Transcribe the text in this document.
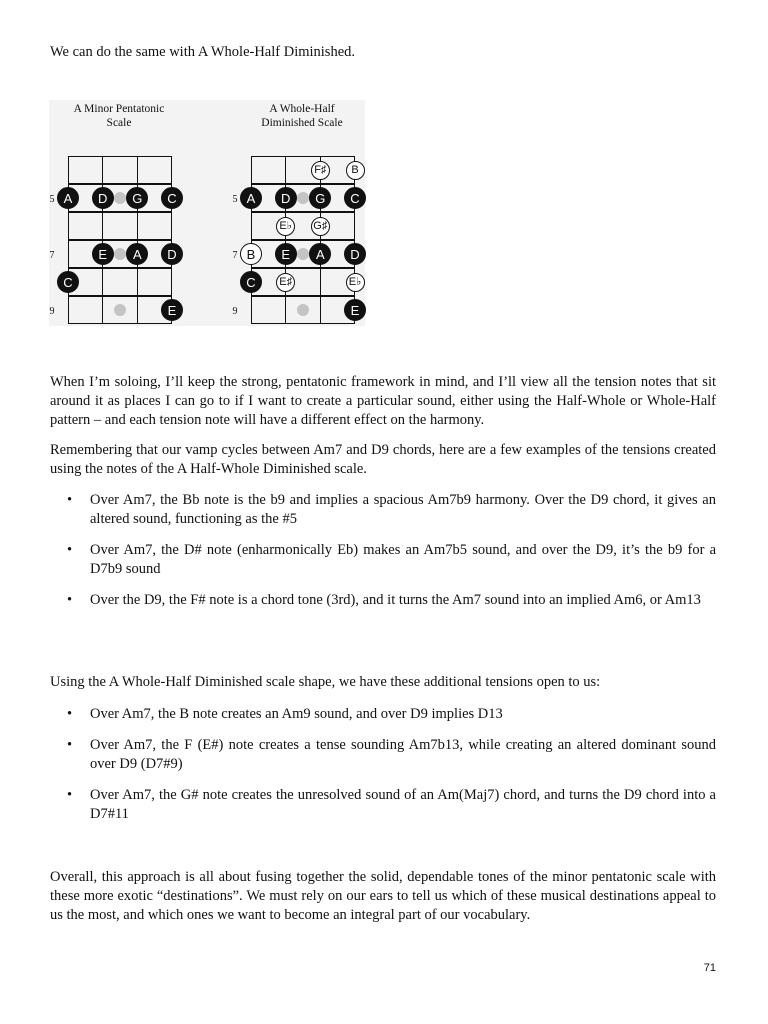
We can do the same with A Whole-Half Diminished.

A Minor Pentatonic
Scale
5
7
9
A	D	G	C
E	A	D
C
E
A Whole-Half
Diminished Scale
5
7
9
F♯	B
A	D	G	C
E♭ G♯
B	E	A	D
C	E♯	E♭
E

When I’m soloing, I’ll keep the strong, pentatonic framework in mind, and I’ll view all the tension notes that sit around it as places I can go to if I want to create a particular sound, either using the Half-Whole or Whole-Half pattern – and each tension note will have a different effect on the harmony.

Remembering that our vamp cycles between Am7 and D9 chords, here are a few examples of the tensions created using the notes of the A Half-Whole Diminished scale.

• Over Am7, the Bb note is the b9 and implies a spacious Am7b9 harmony. Over the D9 chord, it gives an altered sound, functioning as the #5
• Over Am7, the D# note (enharmonically Eb) makes an Am7b5 sound, and over the D9, it’s the b9 for a D7b9 sound
• Over the D9, the F# note is a chord tone (3rd), and it turns the Am7 sound into an implied Am6, or Am13

Using the A Whole-Half Diminished scale shape, we have these additional tensions open to us:

• Over Am7, the B note creates an Am9 sound, and over D9 implies D13
• Over Am7, the F (E#) note creates a tense sounding Am7b13, while creating an altered dominant sound over D9 (D7#9)
• Over Am7, the G# note creates the unresolved sound of an Am(Maj7) chord, and turns the D9 chord into a D7#11

Overall, this approach is all about fusing together the solid, dependable tones of the minor pentatonic scale with these more exotic “destinations”. We must rely on our ears to tell us which of these musical destinations appeal to us the most, and which ones we want to become an integral part of our vocabulary.

71
